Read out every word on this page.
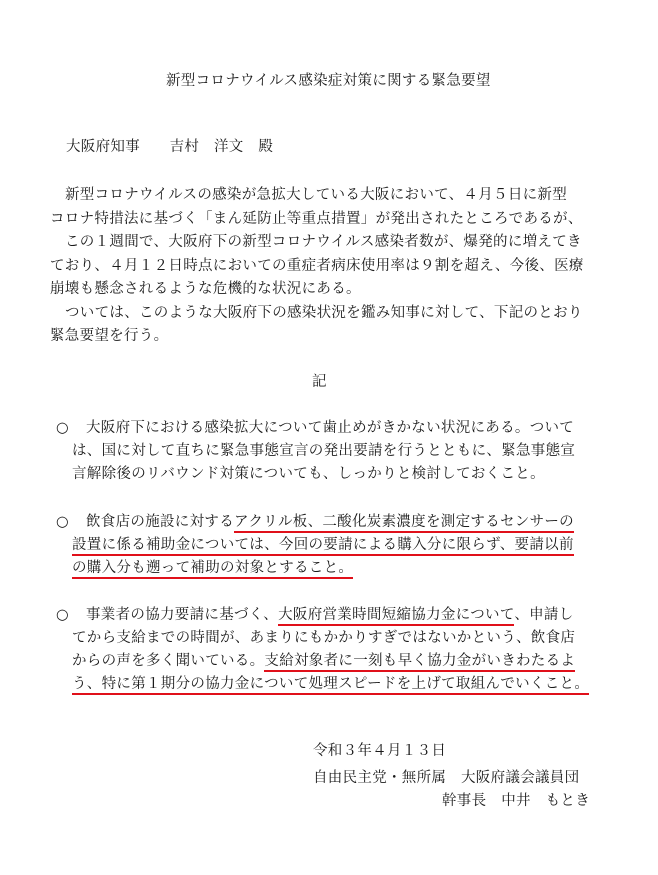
新型コロナウイルス感染症対策に関する緊急要望
大阪府知事　　吉村　洋文　殿
新型コロナウイルスの感染が急拡大している大阪において、４月５日に新型
コロナ特措法に基づく「まん延防止等重点措置」が発出されたところであるが、
この１週間で、大阪府下の新型コロナウイルス感染者数が、爆発的に増えてき
ており、４月１２日時点においての重症者病床使用率は９割を超え、今後、医療
崩壊も懸念されるような危機的な状況にある。
ついては、このような大阪府下の感染状況を鑑み知事に対して、下記のとおり
緊急要望を行う。
記
○ 大阪府下における感染拡大について歯止めがきかない状況にある。ついて
は、国に対して直ちに緊急事態宣言の発出要請を行うとともに、緊急事態宣
言解除後のリバウンド対策についても、しっかりと検討しておくこと。
○ 飲食店の施設に対するアクリル板、二酸化炭素濃度を測定するセンサーの
設置に係る補助金については、今回の要請による購入分に限らず、要請以前
の購入分も遡って補助の対象とすること。
○ 事業者の協力要請に基づく、大阪府営業時間短縮協力金について、申請し
てから支給までの時間が、あまりにもかかりすぎではないかという、飲食店
からの声を多く聞いている。支給対象者に一刻も早く協力金がいきわたるよ
う、特に第１期分の協力金について処理スピードを上げて取組んでいくこと。
令和３年４月１３日
自由民主党・無所属　大阪府議会議員団
幹事長　中井　もとき
